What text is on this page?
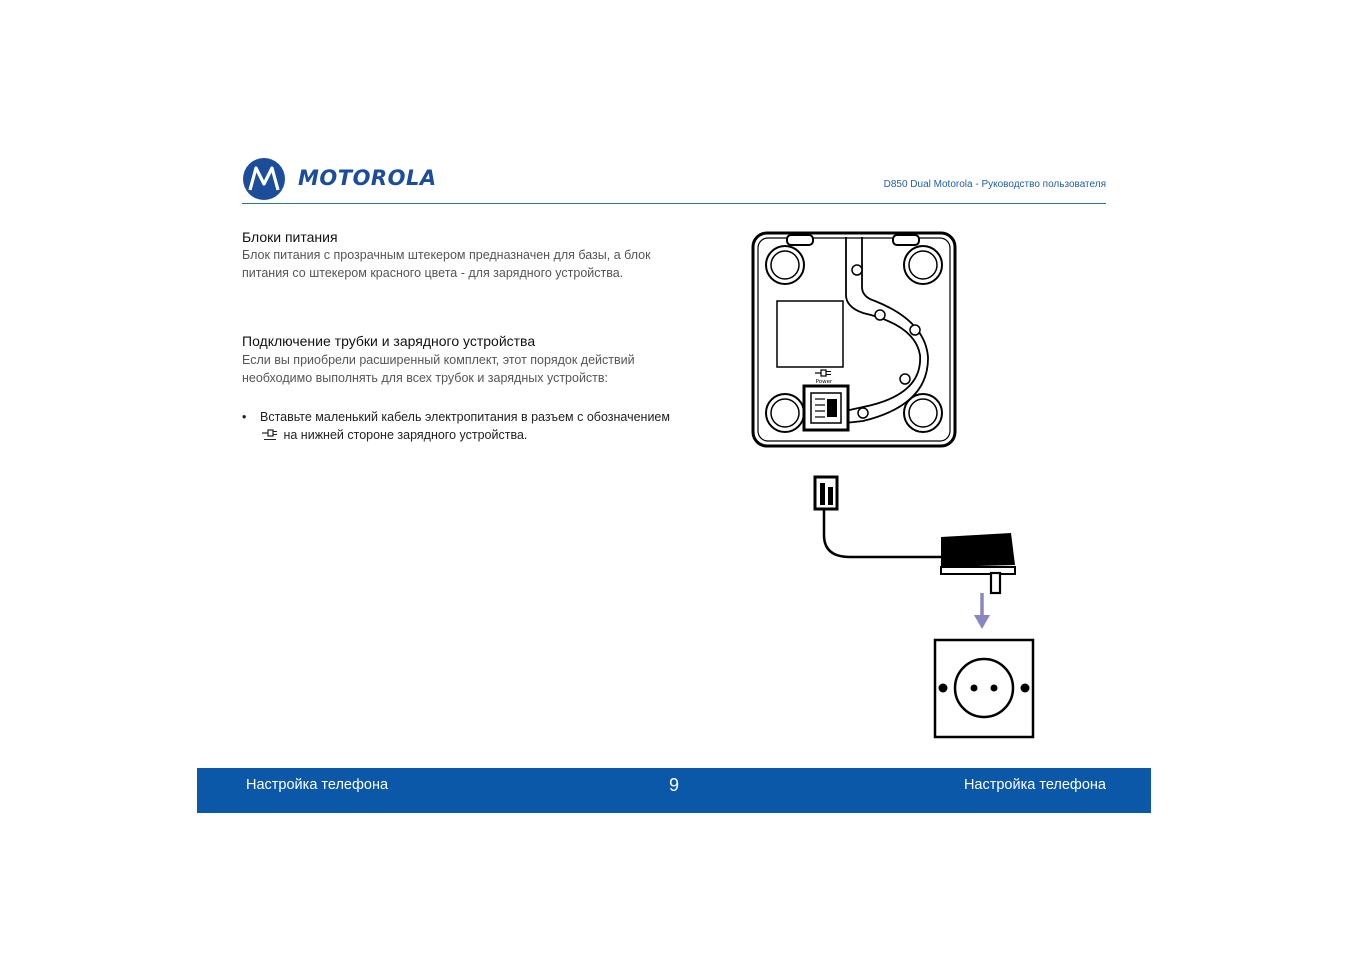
MOTOROLA	D850 Dual Motorola - Руководство пользователя
Блоки питания

Блок питания с прозрачным штекером предназначен для базы, а блок питания со штекером красного цвета - для зарядного устройства.

Подключение трубки и зарядного устройства

Если вы приобрели расширенный комплект, этот порядок действий необходимо выполнять для всех трубок и зарядных устройств:

• Вставьте маленький кабель электропитания в разъем с обозначением  на нижней стороне зарядного устройства.
Power
Настройка телефона	9	Настройка телефона
